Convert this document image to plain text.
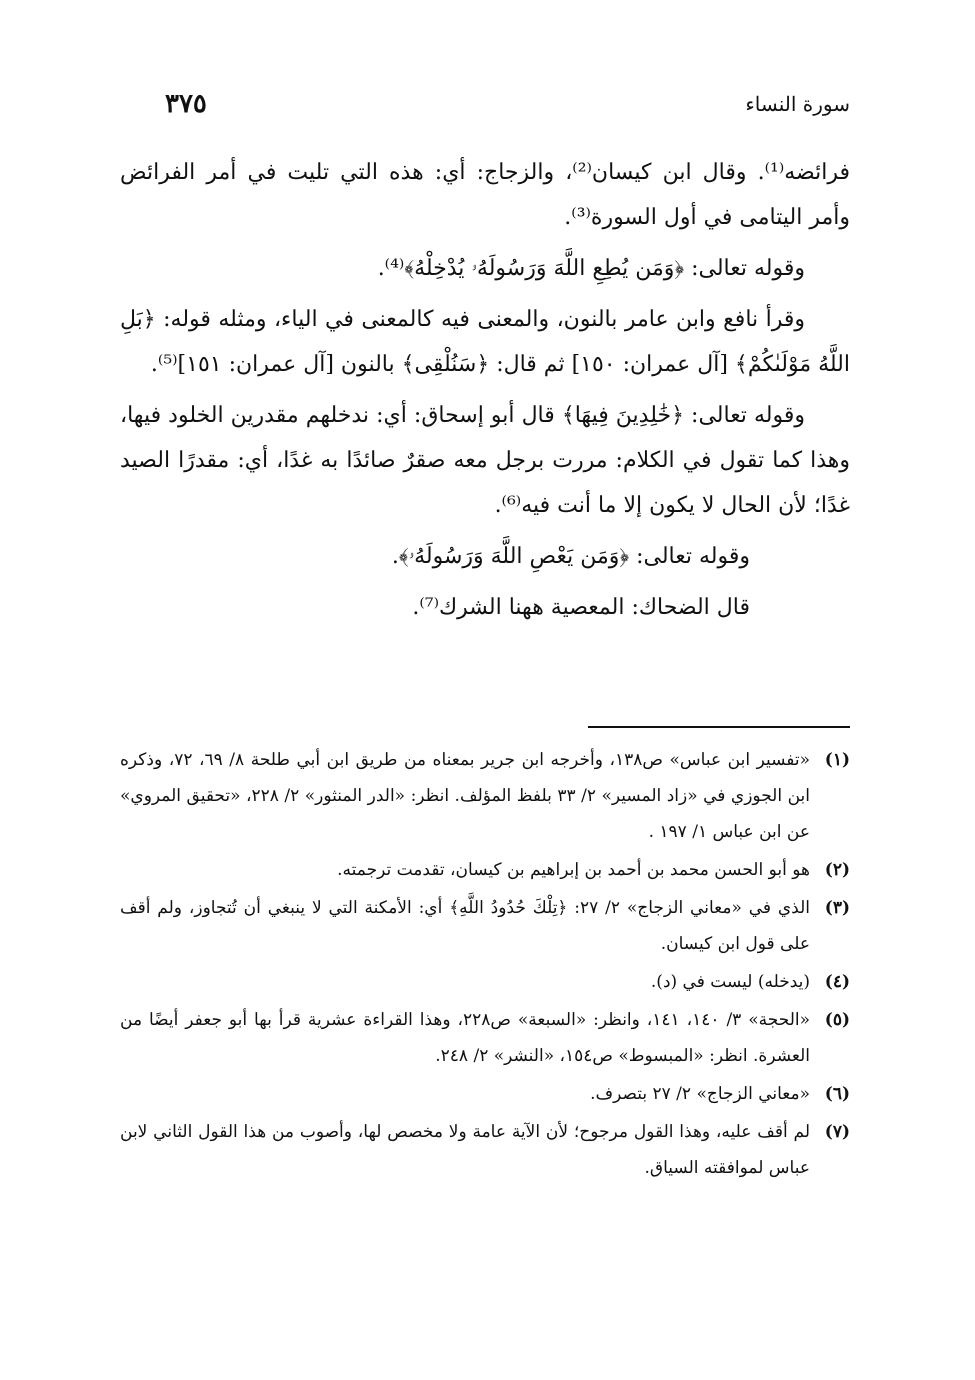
سورة النساء
٣٧٥

فرائضه⁽¹⁾. وقال ابن كيسان⁽²⁾، والزجاج: أي: هذه التي تليت في أمر الفرائض وأمر اليتامى في أول السورة⁽³⁾.

وقوله تعالى: ﴿وَمَن يُطِعِ اللَّهَ وَرَسُولَهُۥ يُدْخِلْهُ﴾⁽⁴⁾.

وقرأ نافع وابن عامر بالنون، والمعنى فيه كالمعنى في الياء، ومثله قوله: ﴿بَلِ اللَّهُ مَوْلَىٰكُمْ﴾ [آل عمران: ١٥٠] ثم قال: ﴿سَنُلْقِى﴾ بالنون [آل عمران: ١٥١]⁽⁵⁾.

وقوله تعالى: ﴿خَٰلِدِينَ فِيهَا﴾ قال أبو إسحاق: أي: ندخلهم مقدرين الخلود فيها، وهذا كما تقول في الكلام: مررت برجل معه صقرٌ صائدًا به غدًا، أي: مقدرًا الصيد غدًا؛ لأن الحال لا يكون إلا ما أنت فيه⁽⁶⁾.

وقوله تعالى: ﴿وَمَن يَعْصِ اللَّهَ وَرَسُولَهُۥ﴾.

قال الضحاك: المعصية ههنا الشرك⁽⁷⁾.

(١)
«تفسير ابن عباس» ص١٣٨، وأخرجه ابن جرير بمعناه من طريق ابن أبي طلحة ٨/ ٦٩، ٧٢، وذكره ابن الجوزي في «زاد المسير» ٢/ ٣٣ بلفظ المؤلف. انظر: «الدر المنثور» ٢/ ٢٢٨، «تحقيق المروي» عن ابن عباس ١/ ١٩٧ .
(٢)
هو أبو الحسن محمد بن أحمد بن إبراهيم بن كيسان، تقدمت ترجمته.
(٣)
الذي في «معاني الزجاج» ٢/ ٢٧: ﴿تِلْكَ حُدُودُ اللَّهِ﴾ أي: الأمكنة التي لا ينبغي أن تُتجاوز، ولم أقف على قول ابن كيسان.
(٤)
(يدخله) ليست في (د).
(٥)
«الحجة» ٣/ ١٤٠، ١٤١، وانظر: «السبعة» ص٢٢٨، وهذا القراءة عشرية قرأ بها أبو جعفر أيضًا من العشرة. انظر: «المبسوط» ص١٥٤، «النشر» ٢/ ٢٤٨.
(٦)
«معاني الزجاج» ٢/ ٢٧ بتصرف.
(٧)
لم أقف عليه، وهذا القول مرجوح؛ لأن الآية عامة ولا مخصص لها، وأصوب من هذا القول الثاني لابن عباس لموافقته السياق.
